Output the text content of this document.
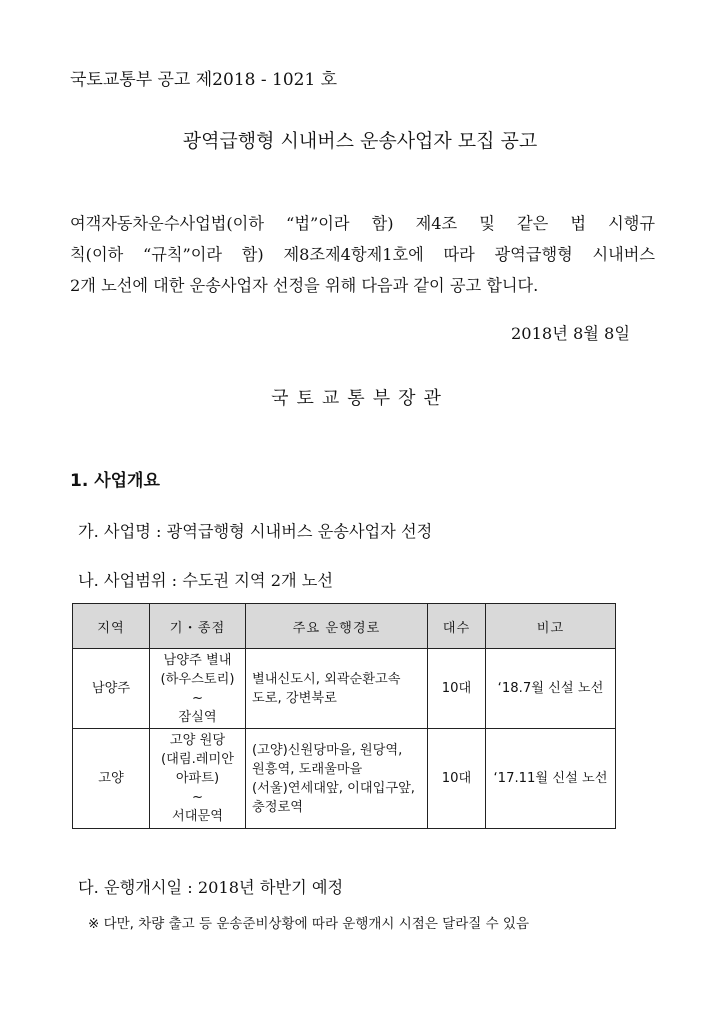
국토교통부 공고 제2018 - 1021 호
광역급행형 시내버스 운송사업자 모집 공고
여객자동차운수사업법(이하 “법”이라 함) 제4조 및 같은 법 시행규
칙(이하 “규칙”이라 함) 제8조제4항제1호에 따라 광역급행형 시내버스
2개 노선에 대한 운송사업자 선정을 위해 다음과 같이 공고 합니다.
2018년 8월 8일
국토교통부장관
1. 사업개요
가. 사업명 : 광역급행형 시내버스 운송사업자 선정
나. 사업범위 : 수도권 지역 2개 노선
지역	기・종점	주요 운행경로	대수	비고
남양주	남양주 별내
(하우스토리)
~
잠실역	별내신도시, 외곽순환고속
도로, 강변북로	10대	‘18.7월 신설 노선
고양	고양 원당
(대림.레미안
아파트)
~
서대문역	(고양)신원당마을, 원당역,
원흥역, 도래울마을
(서울)연세대앞, 이대입구앞,
충정로역	10대	‘17.11월 신설 노선
다. 운행개시일 : 2018년 하반기 예정
※ 다만, 차량 출고 등 운송준비상황에 따라 운행개시 시점은 달라질 수 있음
